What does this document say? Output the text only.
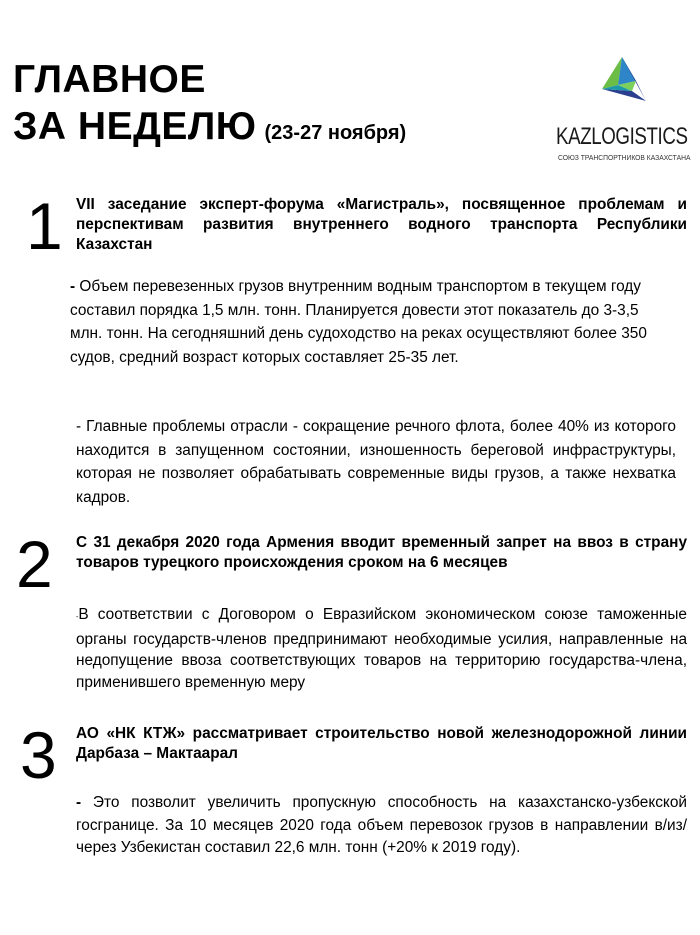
ГЛАВНОЕ
ЗА НЕДЕЛЮ (23-27 ноября)	KAZLOGISTICS
СОЮЗ ТРАНСПОРТНИКОВ КАЗАХСТАНА
1 VII заседание эксперт-форума «Магистраль», посвященное проблемам и перспективам развития внутреннего водного транспорта Республики Казахстан

- Объем перевезенных грузов внутренним водным транспортом в текущем году составил порядка 1,5 млн. тонн. Планируется довести этот показатель до 3-3,5 млн. тонн. На сегодняшний день судоходство на реках осуществляют более 350 судов, средний возраст которых составляет 25-35 лет.

- Главные проблемы отрасли - сокращение речного флота, более 40% из которого находится в запущенном состоянии, изношенность береговой инфраструктуры, которая не позволяет обрабатывать современные виды грузов, а также нехватка кадров.

2 С 31 декабря 2020 года Армения вводит временный запрет на ввоз в страну товаров турецкого происхождения сроком на 6 месяцев

-В соответствии с Договором о Евразийском экономическом союзе таможенные органы государств-членов предпринимают необходимые усилия, направленные на недопущение ввоза соответствующих товаров на территорию государства-члена, применившего временную меру

3 АО «НК КТЖ» рассматривает строительство новой железнодорожной линии Дарбаза – Мактаарал

- Это позволит увеличить пропускную способность на казахстанско-узбекской госгранице. За 10 месяцев 2020 года объем перевозок грузов в направлении в/из/через Узбекистан составил 22,6 млн. тонн (+20% к 2019 году).
